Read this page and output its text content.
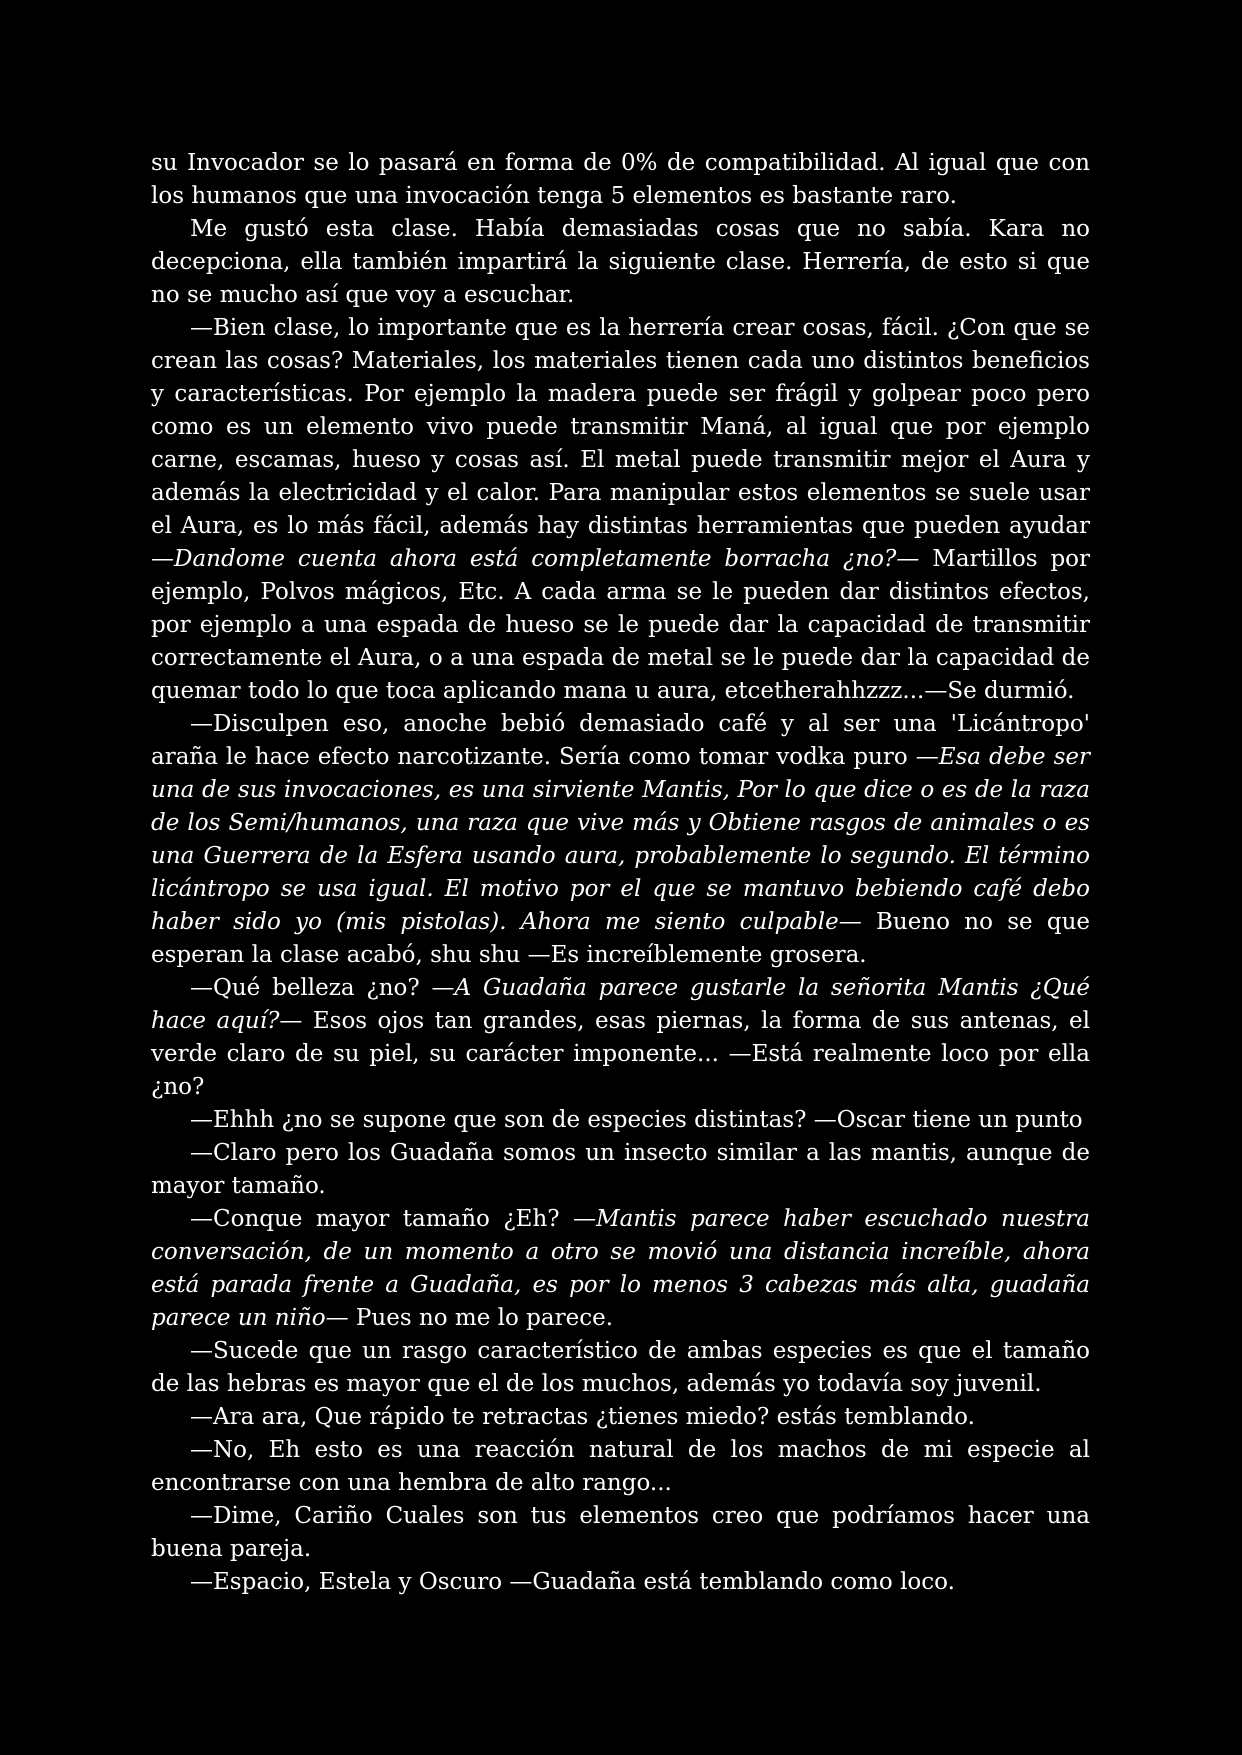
su Invocador se lo pasará en forma de 0% de compatibilidad. Al igual que con los humanos que una invocación tenga 5 elementos es bastante raro.

Me gustó esta clase. Había demasiadas cosas que no sabía. Kara no decepciona, ella también impartirá la siguiente clase. Herrería, de esto si que no se mucho así que voy a escuchar.

—Bien clase, lo importante que es la herrería crear cosas, fácil. ¿Con que se crean las cosas? Materiales, los materiales tienen cada uno distintos beneficios y características. Por ejemplo la madera puede ser frágil y golpear poco pero como es un elemento vivo puede transmitir Maná, al igual que por ejemplo carne, escamas, hueso y cosas así. El metal puede transmitir mejor el Aura y además la electricidad y el calor. Para manipular estos elementos se suele usar el Aura, es lo más fácil, además hay distintas herramientas que pueden ayudar —Dandome cuenta ahora está completamente borracha ¿no?— Martillos por ejemplo, Polvos mágicos, Etc. A cada arma se le pueden dar distintos efectos, por ejemplo a una espada de hueso se le puede dar la capacidad de transmitir correctamente el Aura, o a una espada de metal se le puede dar la capacidad de quemar todo lo que toca aplicando mana u aura, etcetherahhzzz...—Se durmió.

—Disculpen eso, anoche bebió demasiado café y al ser una 'Licántropo' araña le hace efecto narcotizante. Sería como tomar vodka puro —Esa debe ser una de sus invocaciones, es una sirviente Mantis, Por lo que dice o es de la raza de los Semi/humanos, una raza que vive más y Obtiene rasgos de animales o es una Guerrera de la Esfera usando aura, probablemente lo segundo. El término licántropo se usa igual. El motivo por el que se mantuvo bebiendo café debo haber sido yo (mis pistolas). Ahora me siento culpable— Bueno no se que esperan la clase acabó, shu shu —Es increíblemente grosera.

—Qué belleza ¿no? —A Guadaña parece gustarle la señorita Mantis ¿Qué hace aquí?— Esos ojos tan grandes, esas piernas, la forma de sus antenas, el verde claro de su piel, su carácter imponente... —Está realmente loco por ella ¿no?

—Ehhh ¿no se supone que son de especies distintas? —Oscar tiene un punto

—Claro pero los Guadaña somos un insecto similar a las mantis, aunque de mayor tamaño.

—Conque mayor tamaño ¿Eh? —Mantis parece haber escuchado nuestra conversación, de un momento a otro se movió una distancia increíble, ahora está parada frente a Guadaña, es por lo menos 3 cabezas más alta, guadaña parece un niño— Pues no me lo parece.

—Sucede que un rasgo característico de ambas especies es que el tamaño de las hebras es mayor que el de los muchos, además yo todavía soy juvenil.

—Ara ara, Que rápido te retractas ¿tienes miedo? estás temblando.

—No, Eh esto es una reacción natural de los machos de mi especie al encontrarse con una hembra de alto rango...

—Dime, Cariño Cuales son tus elementos creo que podríamos hacer una buena pareja.

—Espacio, Estela y Oscuro —Guadaña está temblando como loco.
